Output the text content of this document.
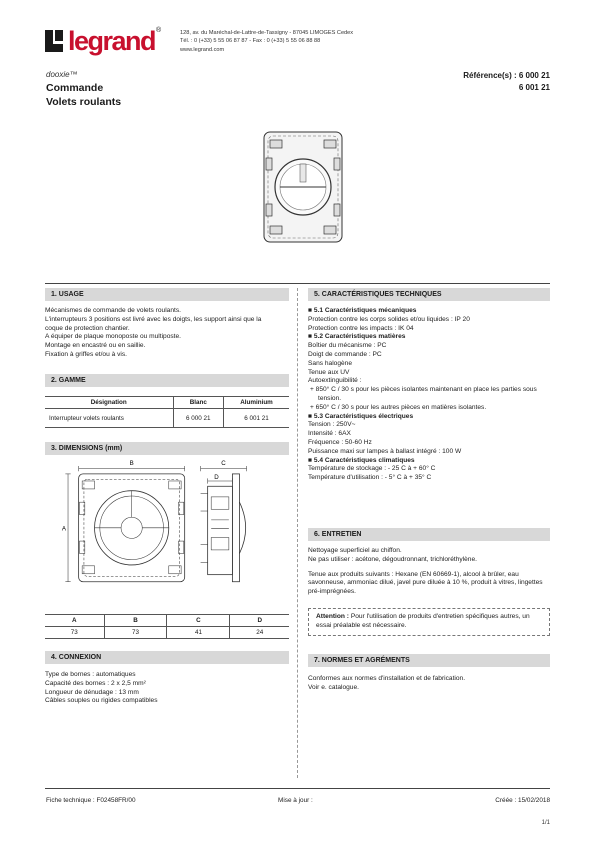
legrand ®	128, av. du Maréchal-de-Lattre-de-Tassigny - 87045 LIMOGES Cedex
Tél. : 0 (+33) 5 55 06 87 87 - Fax : 0 (+33) 5 55 06 88 88
www.legrand.com
dooxie™
Commande
Volets roulants
Référence(s) : 6 000 21
6 001 21
1. USAGE

Mécanismes de commande de volets roulants.

L'interrupteurs 3 positions est livré avec les doigts, les support ainsi que la

coque de protection chantier.

A équiper de plaque monoposte ou multiposte.

Montage en encastré ou en saillie.

Fixation à griffes et/ou à vis.

2. GAMME
Désignation	Blanc	Aluminium
Interrupteur volets roulants	6 000 21	6 001 21
3. DIMENSIONS (mm)
B
A
C
D
A	B	C	D
73	73	41	24
4. CONNEXION

Type de bornes : automatiques

Capacité des bornes : 2 x 2,5 mm²

Longueur de dénudage : 13 mm

Câbles souples ou rigides compatibles

5. CARACTÉRISTIQUES TECHNIQUES

■ 5.1 Caractéristiques mécaniques

Protection contre les corps solides et/ou liquides : IP 20

Protection contre les impacts : IK 04

■ 5.2 Caractéristiques matières

Boîtier du mécanisme : PC

Doigt de commande : PC

Sans halogène

Tenue aux UV

Autoextinguibilité :

+ 850° C / 30 s pour les pièces isolantes maintenant en place les parties sous tension.

+ 650° C / 30 s pour les autres pièces en matières isolantes.

■ 5.3 Caractéristiques électriques

Tension : 250V~

Intensité : 6AX

Fréquence : 50-60 Hz

Puissance maxi sur lampes à ballast intégré : 100 W

■ 5.4 Caractéristiques climatiques

Température de stockage : - 25 C à + 60° C

Température d'utilisation : - 5° C à + 35° C

6. ENTRETIEN

Nettoyage superficiel au chiffon.

Ne pas utiliser : acétone, dégoudronnant, trichloréthylène.

Tenue aux produits suivants : Hexane (EN 60669-1), alcool à brûler, eau savonneuse, ammoniac dilué, javel pure diluée à 10 %, produit à vitres, lingettes pré-imprégnées.

Attention : Pour l'utilisation de produits d'entretien spécifiques autres, un essai préalable est nécessaire.
7. NORMES ET AGRÉMENTS

Conformes aux normes d'installation et de fabrication.

Voir e. catalogue.

Fiche technique : F02458FR/00	Mise à jour :	Créée : 15/02/2018
1/1
